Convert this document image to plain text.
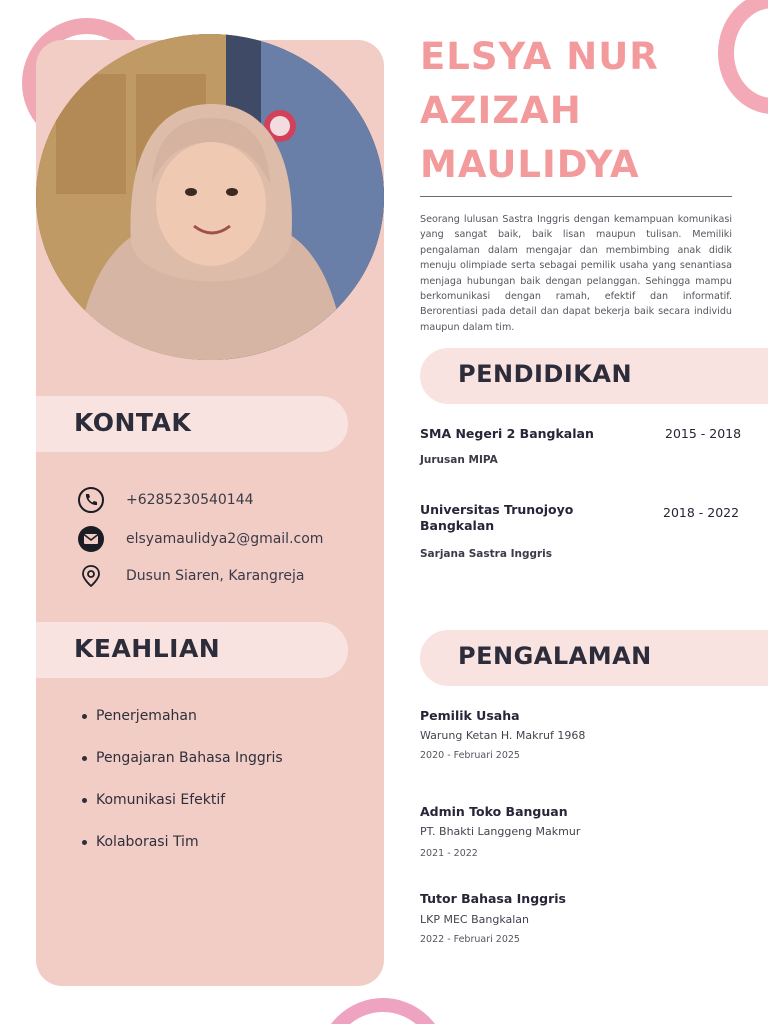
KONTAK
+6285230540144
elsyamaulidya2@gmail.com
Dusun Siaren, Karangreja
KEAHLIAN
Penerjemahan
Pengajaran Bahasa Inggris
Komunikasi Efektif
Kolaborasi Tim
ELSYA NUR
AZIZAH
MAULIDYA

Seorang lulusan Sastra Inggris dengan kemampuan komunikasi yang sangat baik, baik lisan maupun tulisan. Memiliki pengalaman dalam mengajar dan membimbing anak didik menuju olimpiade serta sebagai pemilik usaha yang senantiasa menjaga hubungan baik dengan pelanggan. Sehingga mampu berkomunikasi dengan ramah, efektif dan informatif. Berorentiasi pada detail dan dapat bekerja baik secara individu maupun dalam tim.

PENDIDIKAN
SMA Negeri 2 Bangkalan	2015 - 2018
Jurusan MIPA
Universitas Trunojoyo Bangkalan
2018 - 2022
Sarjana Sastra Inggris
PENGALAMAN
Pemilik Usaha
Warung Ketan H. Makruf 1968
2020 - Februari 2025
Admin Toko Banguan
PT. Bhakti Langgeng Makmur
2021 - 2022
Tutor Bahasa Inggris
LKP MEC Bangkalan
2022 - Februari 2025
